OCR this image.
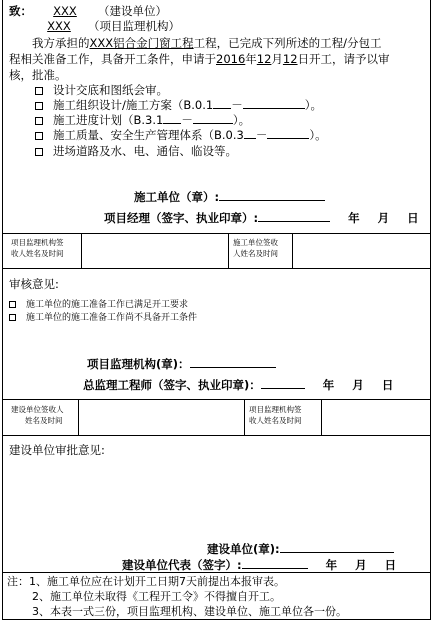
致： XXX （建设单位）
XXX （项目监理机构）
我方承担的XXX铝合金门窗工程工程，已完成下列所述的工程/分包工
程相关准备工作，具备开工条件，申请于2016年12月12日开工，请予以审
核，批准。
设计交底和图纸会审。
施工组织设计/施工方案（B.0.1 －	）。
施工进度计划（B.3.1 －	）。
施工质量、安全生产管理体系（B.0.3 －	）。
进场道路及水、电、通信、临设等。
施工单位（章）:
项目经理（签字、执业印章）:	年 月 日
项目监理机构签
收人姓名及时间
施工单位签收
人姓名及时间
审核意见:
施工单位的施工准备工作已满足开工要求
施工单位的施工准备工作尚不具备开工条件
项目监理机构(章)：
总监理工程师（签字、执业印章)：	年 月 日
建设单位签收人
姓名及时间
项目监理机构签
收人姓名及时间
建设单位审批意见:
建设单位(章):
建设单位代表（签字）:	年 月 日
注：1、施工单位应在计划开工日期7天前提出本报审表。
2、施工单位未取得《工程开工令》不得擅自开工。
3、本表一式三份，项目监理机构、建设单位、施工单位各一份。
